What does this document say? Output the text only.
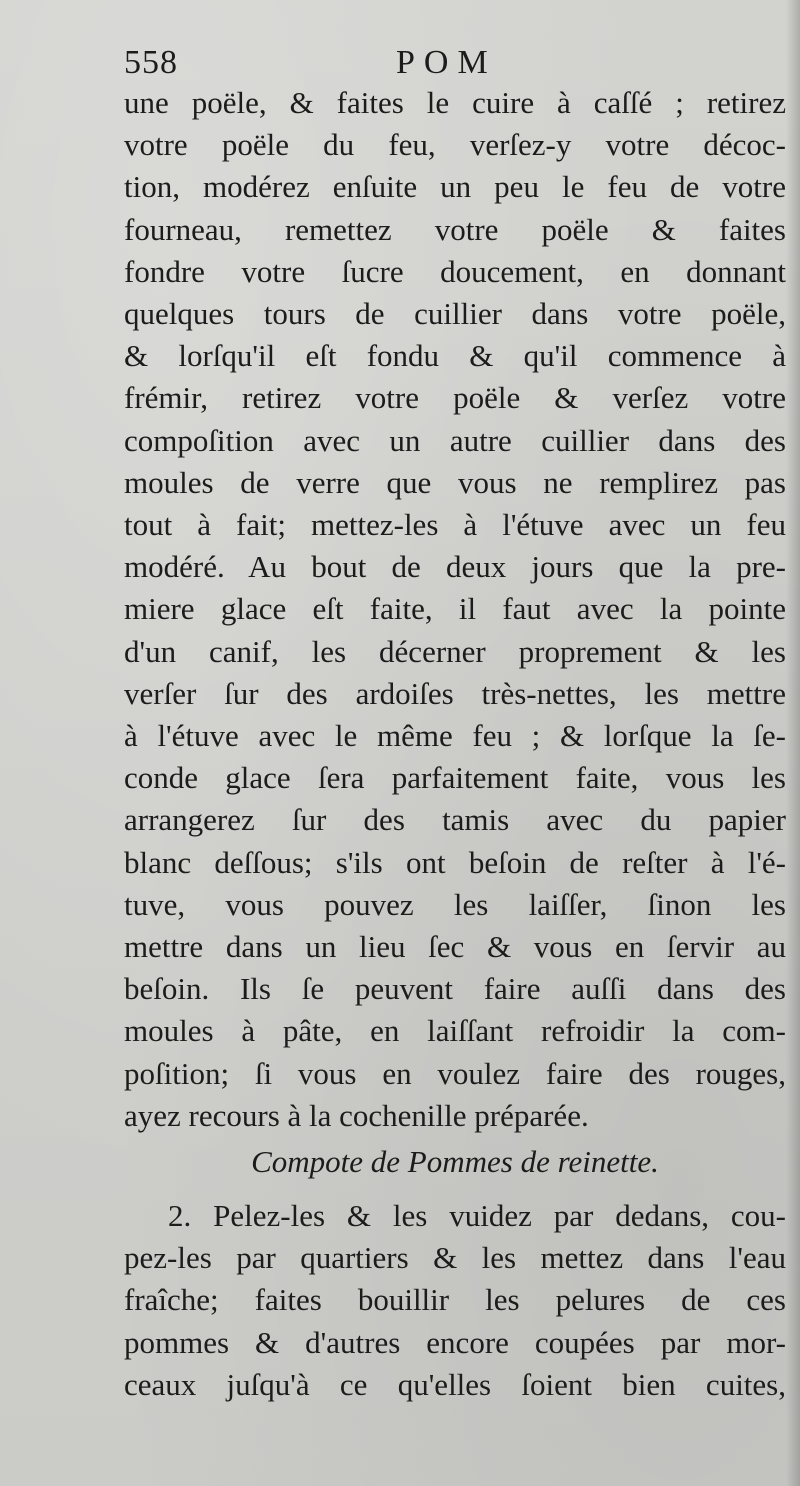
558	POM
une poële, & faites le cuire à caſſé ; retirez
votre poële du feu, verſez-y votre décoc-
tion, modérez enſuite un peu le feu de votre
fourneau, remettez votre poële & faites
fondre votre ſucre doucement, en donnant
quelques tours de cuillier dans votre poële,
& lorſqu'il eſt fondu & qu'il commence à
frémir, retirez votre poële & verſez votre
compoſition avec un autre cuillier dans des
moules de verre que vous ne remplirez pas
tout à fait; mettez-les à l'étuve avec un feu
modéré. Au bout de deux jours que la pre-
miere glace eſt faite, il faut avec la pointe
d'un canif, les décerner proprement & les
verſer ſur des ardoiſes très-nettes, les mettre
à l'étuve avec le même feu ; & lorſque la ſe-
conde glace ſera parfaitement faite, vous les
arrangerez ſur des tamis avec du papier
blanc deſſous; s'ils ont beſoin de reſter à l'é-
tuve, vous pouvez les laiſſer, ſinon les
mettre dans un lieu ſec & vous en ſervir au
beſoin. Ils ſe peuvent faire auſſi dans des
moules à pâte, en laiſſant refroidir la com-
poſition; ſi vous en voulez faire des rouges,
ayez recours à la cochenille préparée.
Compote de Pommes de reinette.
2. Pelez-les & les vuidez par dedans, cou-
pez-les par quartiers & les mettez dans l'eau
fraîche; faites bouillir les pelures de ces
pommes & d'autres encore coupées par mor-
ceaux juſqu'à ce qu'elles ſoient bien cuites,
